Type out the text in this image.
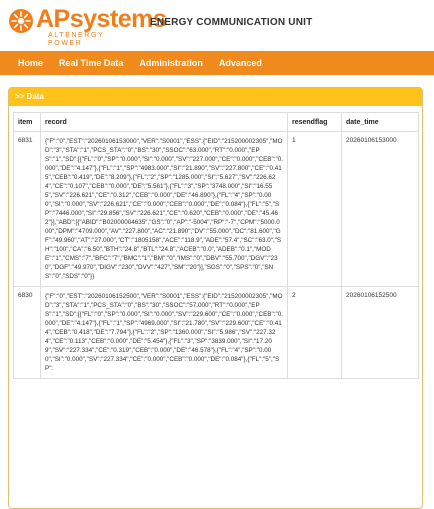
APsystems
ALTENERGY POWER
ENERGY COMMUNICATION UNIT
Home	Real Time Data	Administration	Advanced
>> Data
item	record	resendflag	date_time
6831	{"F":"0","EST":"20260106153000","VER":"S0001","ESS":{"EID":"215200002305","MOD":"3","STA":"1","PCS_STA":"0","BS":"30","SSOC":"63.000","RT":"0.000","EPS":"1","SD":[{"FL":"0","SP":"0.000","SI":"0.000","SV":"227.000","CE":"0.000","CEB":"0.000","DE":"4.147"},{"FL":"1","SP":"4983.000","SI":"21.890","SV":"227.800","CE":"0.415","CEB":"0.419","DE":"8.209"},{"FL":"2","SP":"1285.000","SI":"5.627","SV":"226.624","CE":"0.107","CEB":"0.000","DE":"5.561"},{"FL":"3","SP":"3748.000","SI":"16.555","SV":"226.621","CE":"0.312","CEB":"0.000","DE":"46.890"},{"FL":"4","SP":"0.000","SI":"0.000","SV":"226.621","CE":"0.000","CEB":"0.000","DE":"0.084"},{"FL":"5","SP":"7446.000","SI":"29.856","SV":"226.621","CE":"0.620","CEB":"0.000","DE":"45.462"}],"ABD":[{"ABID":"B02000004635","GS":"0","AP":"-5004","RP":"-7","CPM":"5000.000","DPM":"4709.000","AV":"227.800","AC":"21.890","DV":"55.000","DC":"81.600","GF":"49.960","AT":"27.000","CT":"1805158","ACE":"118.9","ADE":"57.4","SC":"63.0","SH":"100","CA":"6.50","BTH":"24.8","BTL":"24.8","ACEB":"0.0","ADEB":"0.1","MODE":"1","CMS":"7","BFC":"7","BMC":"1","BM":"0","IMS":"0","DBV":"55.700","DGV":"230","DGF":"49.970","DIGV":"230","DVV":"427","SM":"20"}],"SGS":"0","SPS":"0","SNS":"0","SDS":"0"}}	1	20260106153000
6830	{"F":"0","EST":"20260106152500","VER":"S0001","ESS":{"EID":"215200002305","MOD":"3","STA":"1","PCS_STA":"0","BS":"30","SSOC":"57.000","RT":"0.000","EPS":"1","SD":[{"FL":"0","SP":"0.000","SI":"0.000","SV":"229.600","CE":"0.000","CEB":"0.000","DE":"4.147"},{"FL":"1","SP":"4969.000","SI":"21.780","SV":"229.600","CE":"0.414","CEB":"0.418","DE":"7.794"},{"FL":"2","SP":"1360.000","SI":"5.986","SV":"227.324","CE":"0.113","CEB":"0.000","DE":"5.454"},{"FL":"3","SP":"3839.000","SI":"17.209","SV":"227.334","CE":"0.319","CEB":"0.000","DE":"46.578"},{"FL":"4","SP":"0.000","SI":"0.000","SV":"227.334","CE":"0.000","CEB":"0.000","DE":"0.084"},{"FL":"5","SP":	2	20260106152500
